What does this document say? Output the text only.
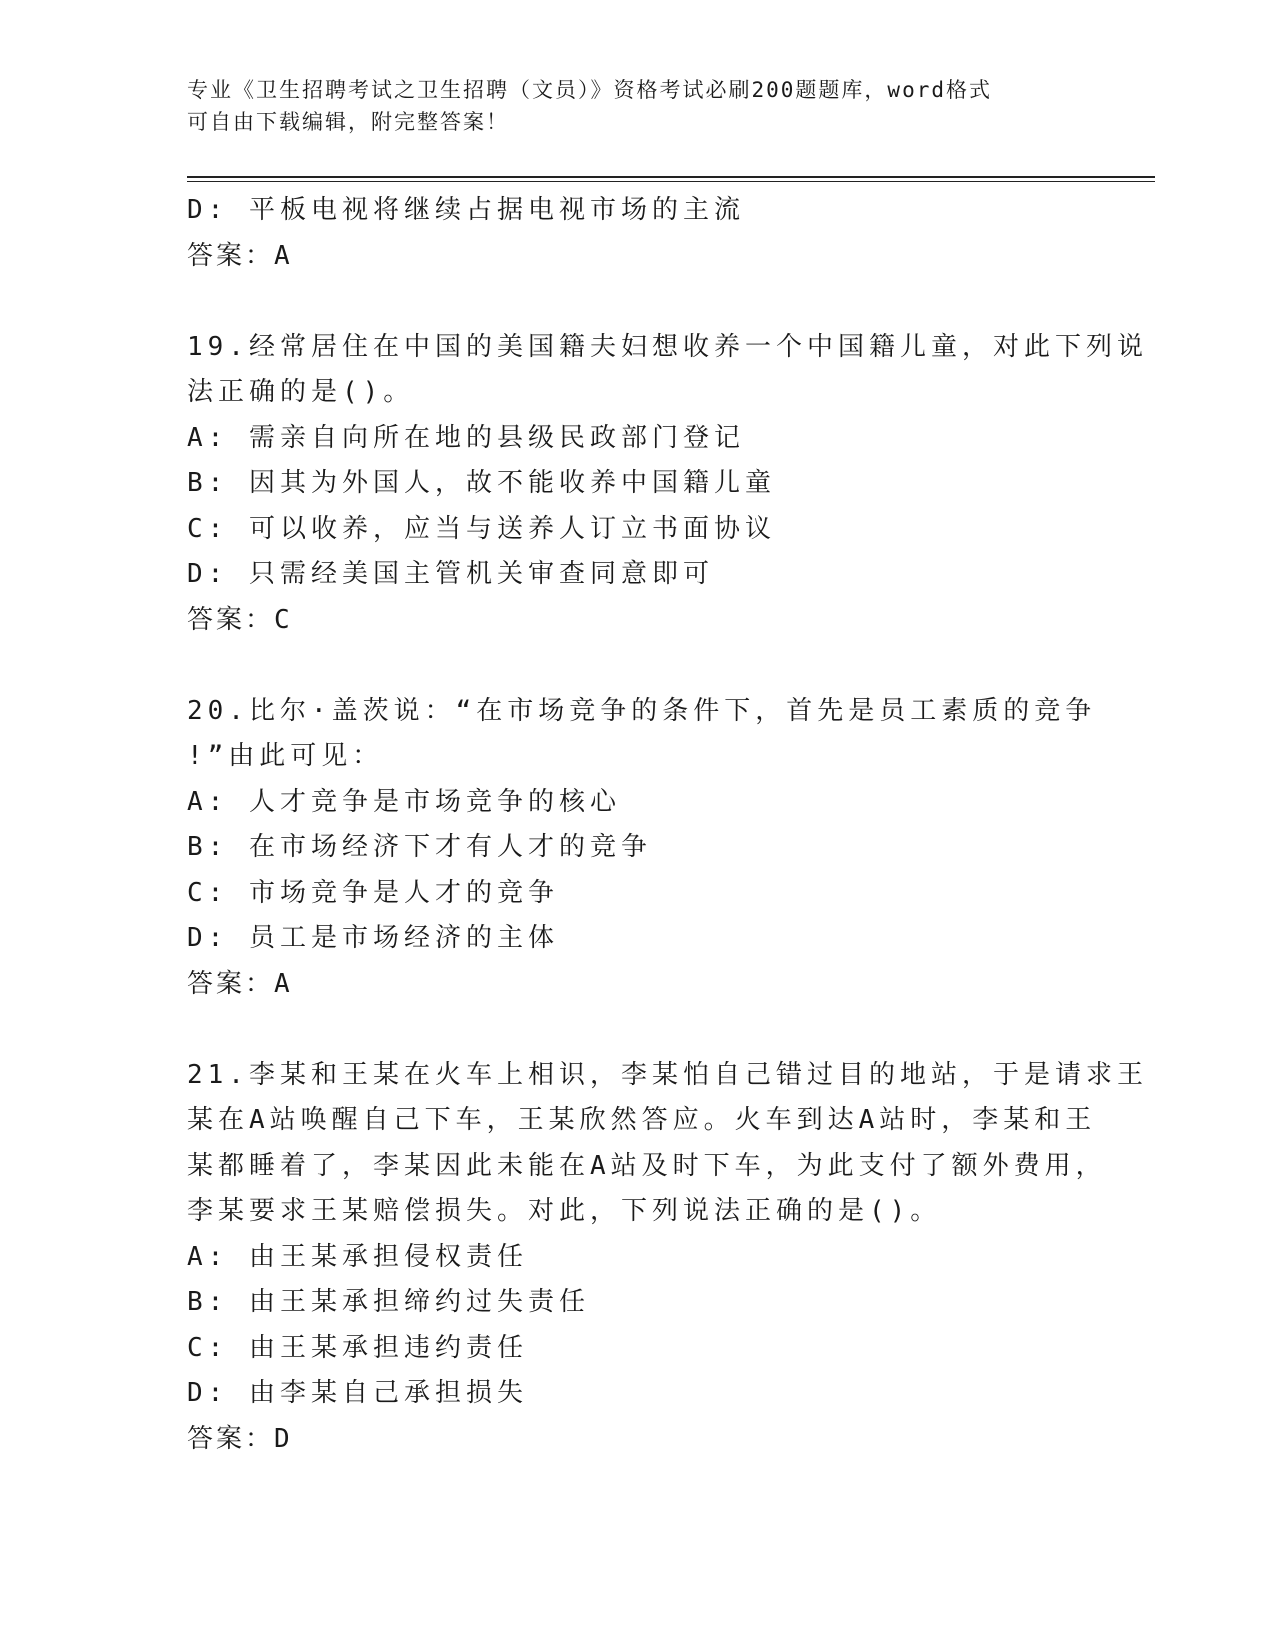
专业《卫生招聘考试之卫生招聘（文员）》资格考试必刷200题题库，word格式
可自由下载编辑，附完整答案！
D: 平板电视将继续占据电视市场的主流
答案：A
19.经常居住在中国的美国籍夫妇想收养一个中国籍儿童，对此下列说
法正确的是()。
A: 需亲自向所在地的县级民政部门登记
B: 因其为外国人，故不能收养中国籍儿童
C: 可以收养，应当与送养人订立书面协议
D: 只需经美国主管机关审查同意即可
答案：C
20.比尔·盖茨说：“在市场竞争的条件下，首先是员工素质的竞争
!”由此可见：
A: 人才竞争是市场竞争的核心
B: 在市场经济下才有人才的竞争
C: 市场竞争是人才的竞争
D: 员工是市场经济的主体
答案：A
21.李某和王某在火车上相识，李某怕自己错过目的地站，于是请求王
某在A站唤醒自己下车，王某欣然答应。火车到达A站时，李某和王
某都睡着了，李某因此未能在A站及时下车，为此支付了额外费用，
李某要求王某赔偿损失。对此，下列说法正确的是()。
A: 由王某承担侵权责任
B: 由王某承担缔约过失责任
C: 由王某承担违约责任
D: 由李某自己承担损失
答案：D
